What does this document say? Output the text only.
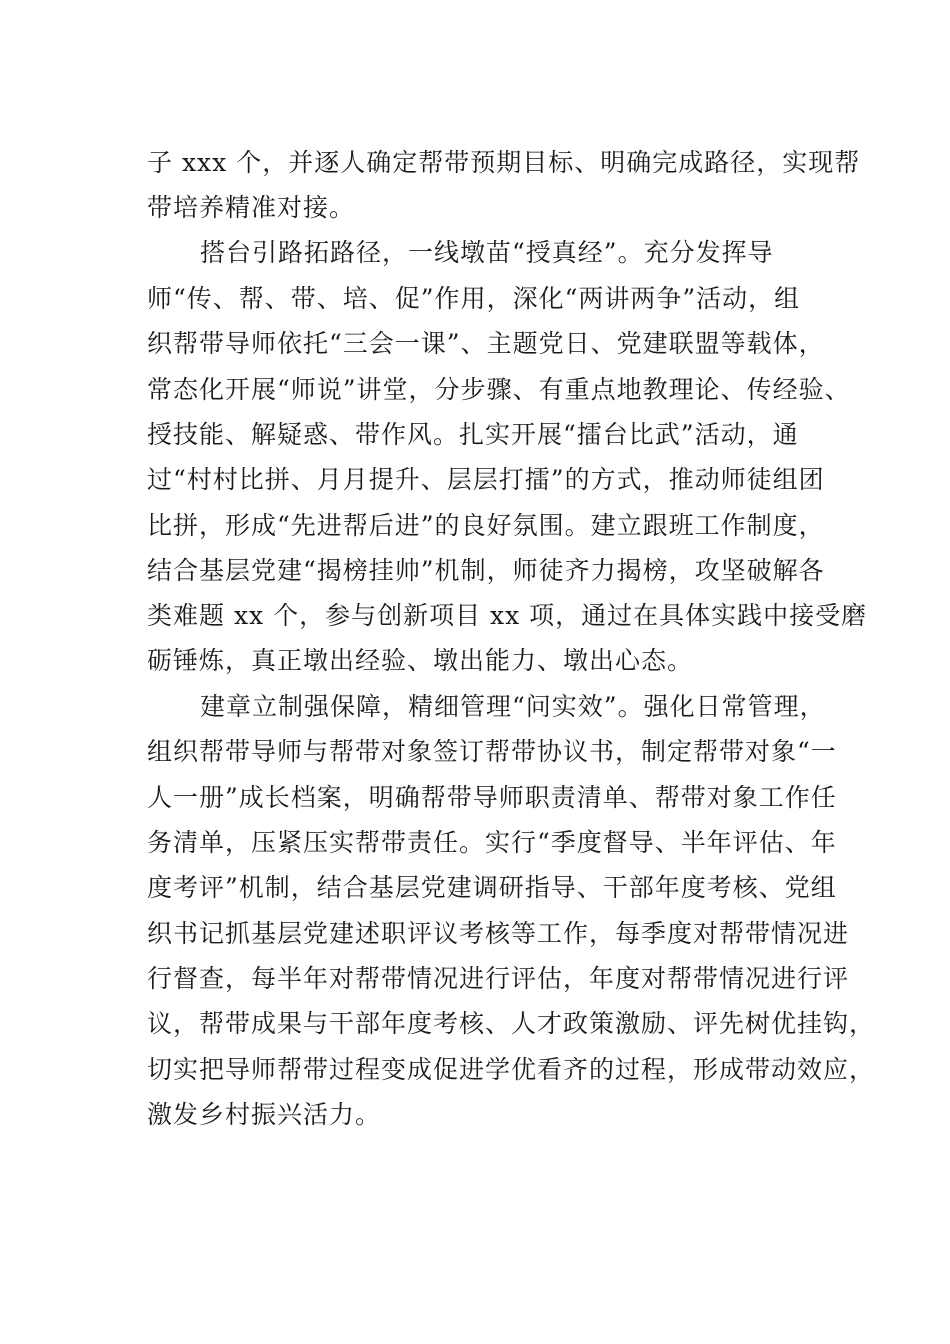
子 xxx 个，并逐人确定帮带预期目标、明确完成路径，实现帮
带培养精准对接。
搭台引路拓路径，一线墩苗“授真经”。充分发挥导
师“传、帮、带、培、促”作用，深化“两讲两争”活动，组
织帮带导师依托“三会一课”、主题党日、党建联盟等载体，
常态化开展“师说”讲堂，分步骤、有重点地教理论、传经验、
授技能、解疑惑、带作风。扎实开展“擂台比武”活动，通
过“村村比拼、月月提升、层层打擂”的方式，推动师徒组团
比拼，形成“先进帮后进”的良好氛围。建立跟班工作制度，
结合基层党建“揭榜挂帅”机制，师徒齐力揭榜，攻坚破解各
类难题 xx 个，参与创新项目 xx 项，通过在具体实践中接受磨
砺锤炼，真正墩出经验、墩出能力、墩出心态。
建章立制强保障，精细管理“问实效”。强化日常管理，
组织帮带导师与帮带对象签订帮带协议书，制定帮带对象“一
人一册”成长档案，明确帮带导师职责清单、帮带对象工作任
务清单，压紧压实帮带责任。实行“季度督导、半年评估、年
度考评”机制，结合基层党建调研指导、干部年度考核、党组
织书记抓基层党建述职评议考核等工作，每季度对帮带情况进
行督查，每半年对帮带情况进行评估，年度对帮带情况进行评
议，帮带成果与干部年度考核、人才政策激励、评先树优挂钩，
切实把导师帮带过程变成促进学优看齐的过程，形成带动效应，
激发乡村振兴活力。
